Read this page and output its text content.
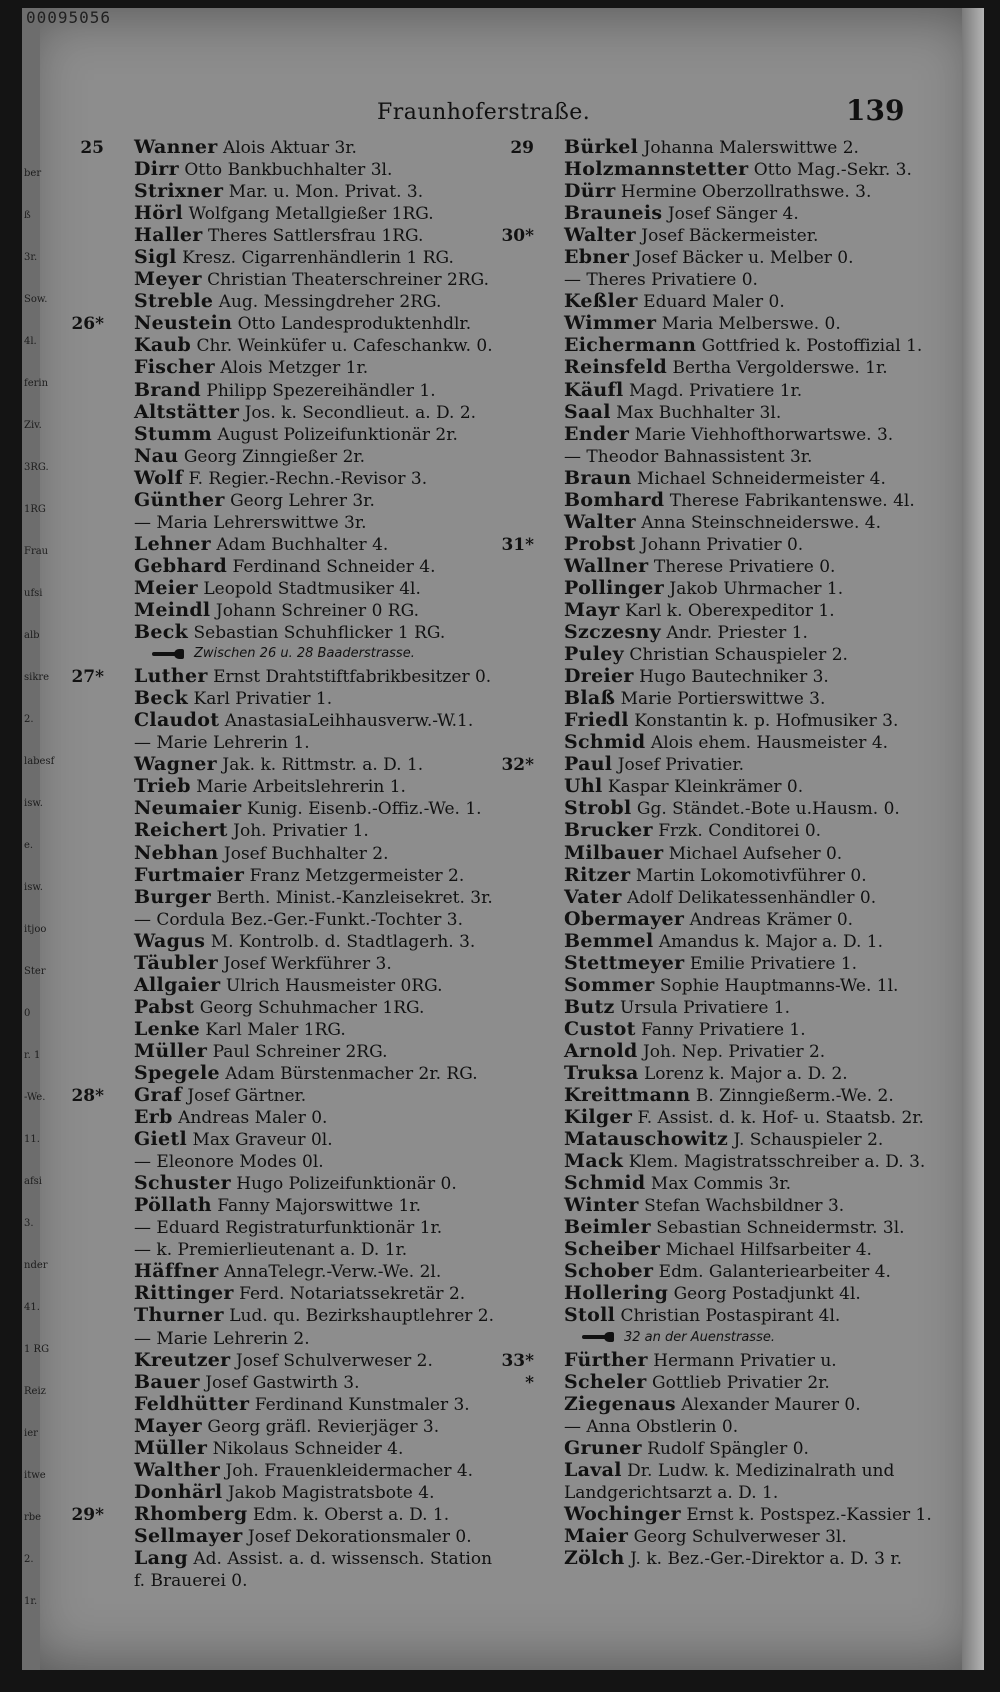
ber
ß
3r.
Sow.
4l.
ferin
Ziv.
3RG.
1RG
Frau
ufsi
alb
sikre
2.
labesf
isw.
e.
isw.
itjoo
Ster
0
r. 1
-We.
11.
afsi
3.
nder
41.
1 RG
Reiz
ier
itwe
rbe
2.
1r.
00095056
Fraunhoferstraße.	139
25 Wanner Alois Aktuar 3r.
Dirr Otto Bankbuchhalter 3l.
Strixner Mar. u. Mon. Privat. 3.
Hörl Wolfgang Metallgießer 1RG.
Haller Theres Sattlersfrau 1RG.
Sigl Kresz. Cigarrenhändlerin 1 RG.
Meyer Christian Theaterschreiner 2RG.
Streble Aug. Messingdreher 2RG.
26* Neustein Otto Landesproduktenhdlr.
Kaub Chr. Weinküfer u. Cafeschankw. 0.
Fischer Alois Metzger 1r.
Brand Philipp Spezereihändler 1.
Altstätter Jos. k. Secondlieut. a. D. 2.
Stumm August Polizeifunktionär 2r.
Nau Georg Zinngießer 2r.
Wolf F. Regier.-Rechn.-Revisor 3.
Günther Georg Lehrer 3r.
— Maria Lehrerswittwe 3r.
Lehner Adam Buchhalter 4.
Gebhard Ferdinand Schneider 4.
Meier Leopold Stadtmusiker 4l.
Meindl Johann Schreiner 0 RG.
Beck Sebastian Schuhflicker 1 RG.
Zwischen 26 u. 28 Baaderstrasse.
27* Luther Ernst Drahtstiftfabrikbesitzer 0.
Beck Karl Privatier 1.
Claudot AnastasiaLeihhausverw.-W.1.
— Marie Lehrerin 1.
Wagner Jak. k. Rittmstr. a. D. 1.
Trieb Marie Arbeitslehrerin 1.
Neumaier Kunig. Eisenb.-Offiz.-We. 1.
Reichert Joh. Privatier 1.
Nebhan Josef Buchhalter 2.
Furtmaier Franz Metzgermeister 2.
Burger Berth. Minist.-Kanzleisekret. 3r.
— Cordula Bez.-Ger.-Funkt.-Tochter 3.
Wagus M. Kontrolb. d. Stadtlagerh. 3.
Täubler Josef Werkführer 3.
Allgaier Ulrich Hausmeister 0RG.
Pabst Georg Schuhmacher 1RG.
Lenke Karl Maler 1RG.
Müller Paul Schreiner 2RG.
Spegele Adam Bürstenmacher 2r. RG.
28* Graf Josef Gärtner.
Erb Andreas Maler 0.
Gietl Max Graveur 0l.
— Eleonore Modes 0l.
Schuster Hugo Polizeifunktionär 0.
Pöllath Fanny Majorswittwe 1r.
— Eduard Registraturfunktionär 1r.
— k. Premierlieutenant a. D. 1r.
Häffner AnnaTelegr.-Verw.-We. 2l.
Rittinger Ferd. Notariatssekretär 2.
Thurner Lud. qu. Bezirkshauptlehrer 2.
— Marie Lehrerin 2.
Kreutzer Josef Schulverweser 2.
Bauer Josef Gastwirth 3.
Feldhütter Ferdinand Kunstmaler 3.
Mayer Georg gräfl. Revierjäger 3.
Müller Nikolaus Schneider 4.
Walther Joh. Frauenkleidermacher 4.
Donhärl Jakob Magistratsbote 4.
29* Rhomberg Edm. k. Oberst a. D. 1.
Sellmayer Josef Dekorationsmaler 0.
Lang Ad. Assist. a. d. wissensch. Station
f. Brauerei 0.
29 Bürkel Johanna Malerswittwe 2.
Holzmannstetter Otto Mag.-Sekr. 3.
Dürr Hermine Oberzollrathswe. 3.
Brauneis Josef Sänger 4.
30* Walter Josef Bäckermeister.
Ebner Josef Bäcker u. Melber 0.
— Theres Privatiere 0.
Keßler Eduard Maler 0.
Wimmer Maria Melberswe. 0.
Eichermann Gottfried k. Postoffizial 1.
Reinsfeld Bertha Vergolderswe. 1r.
Käufl Magd. Privatiere 1r.
Saal Max Buchhalter 3l.
Ender Marie Viehhofthorwartswe. 3.
— Theodor Bahnassistent 3r.
Braun Michael Schneidermeister 4.
Bomhard Therese Fabrikantenswe. 4l.
Walter Anna Steinschneiderswe. 4.
31* Probst Johann Privatier 0.
Wallner Therese Privatiere 0.
Pollinger Jakob Uhrmacher 1.
Mayr Karl k. Oberexpeditor 1.
Szczesny Andr. Priester 1.
Puley Christian Schauspieler 2.
Dreier Hugo Bautechniker 3.
Blaß Marie Portierswittwe 3.
Friedl Konstantin k. p. Hofmusiker 3.
Schmid Alois ehem. Hausmeister 4.
32* Paul Josef Privatier.
Uhl Kaspar Kleinkrämer 0.
Strobl Gg. Ständet.-Bote u.Hausm. 0.
Brucker Frzk. Conditorei 0.
Milbauer Michael Aufseher 0.
Ritzer Martin Lokomotivführer 0.
Vater Adolf Delikatessenhändler 0.
Obermayer Andreas Krämer 0.
Bemmel Amandus k. Major a. D. 1.
Stettmeyer Emilie Privatiere 1.
Sommer Sophie Hauptmanns-We. 1l.
Butz Ursula Privatiere 1.
Custot Fanny Privatiere 1.
Arnold Joh. Nep. Privatier 2.
Truksa Lorenz k. Major a. D. 2.
Kreittmann B. Zinngießerm.-We. 2.
Kilger F. Assist. d. k. Hof- u. Staatsb. 2r.
Matauschowitz J. Schauspieler 2.
Mack Klem. Magistratsschreiber a. D. 3.
Schmid Max Commis 3r.
Winter Stefan Wachsbildner 3.
Beimler Sebastian Schneidermstr. 3l.
Scheiber Michael Hilfsarbeiter 4.
Schober Edm. Galanteriearbeiter 4.
Hollering Georg Postadjunkt 4l.
Stoll Christian Postaspirant 4l.
32 an der Auenstrasse.
33* Fürther Hermann Privatier u.
* Scheler Gottlieb Privatier 2r.
Ziegenaus Alexander Maurer 0.
— Anna Obstlerin 0.
Gruner Rudolf Spängler 0.
Laval Dr. Ludw. k. Medizinalrath und
Landgerichtsarzt a. D. 1.
Wochinger Ernst k. Postspez.-Kassier 1.
Maier Georg Schulverweser 3l.
Zölch J. k. Bez.-Ger.-Direktor a. D. 3 r.
